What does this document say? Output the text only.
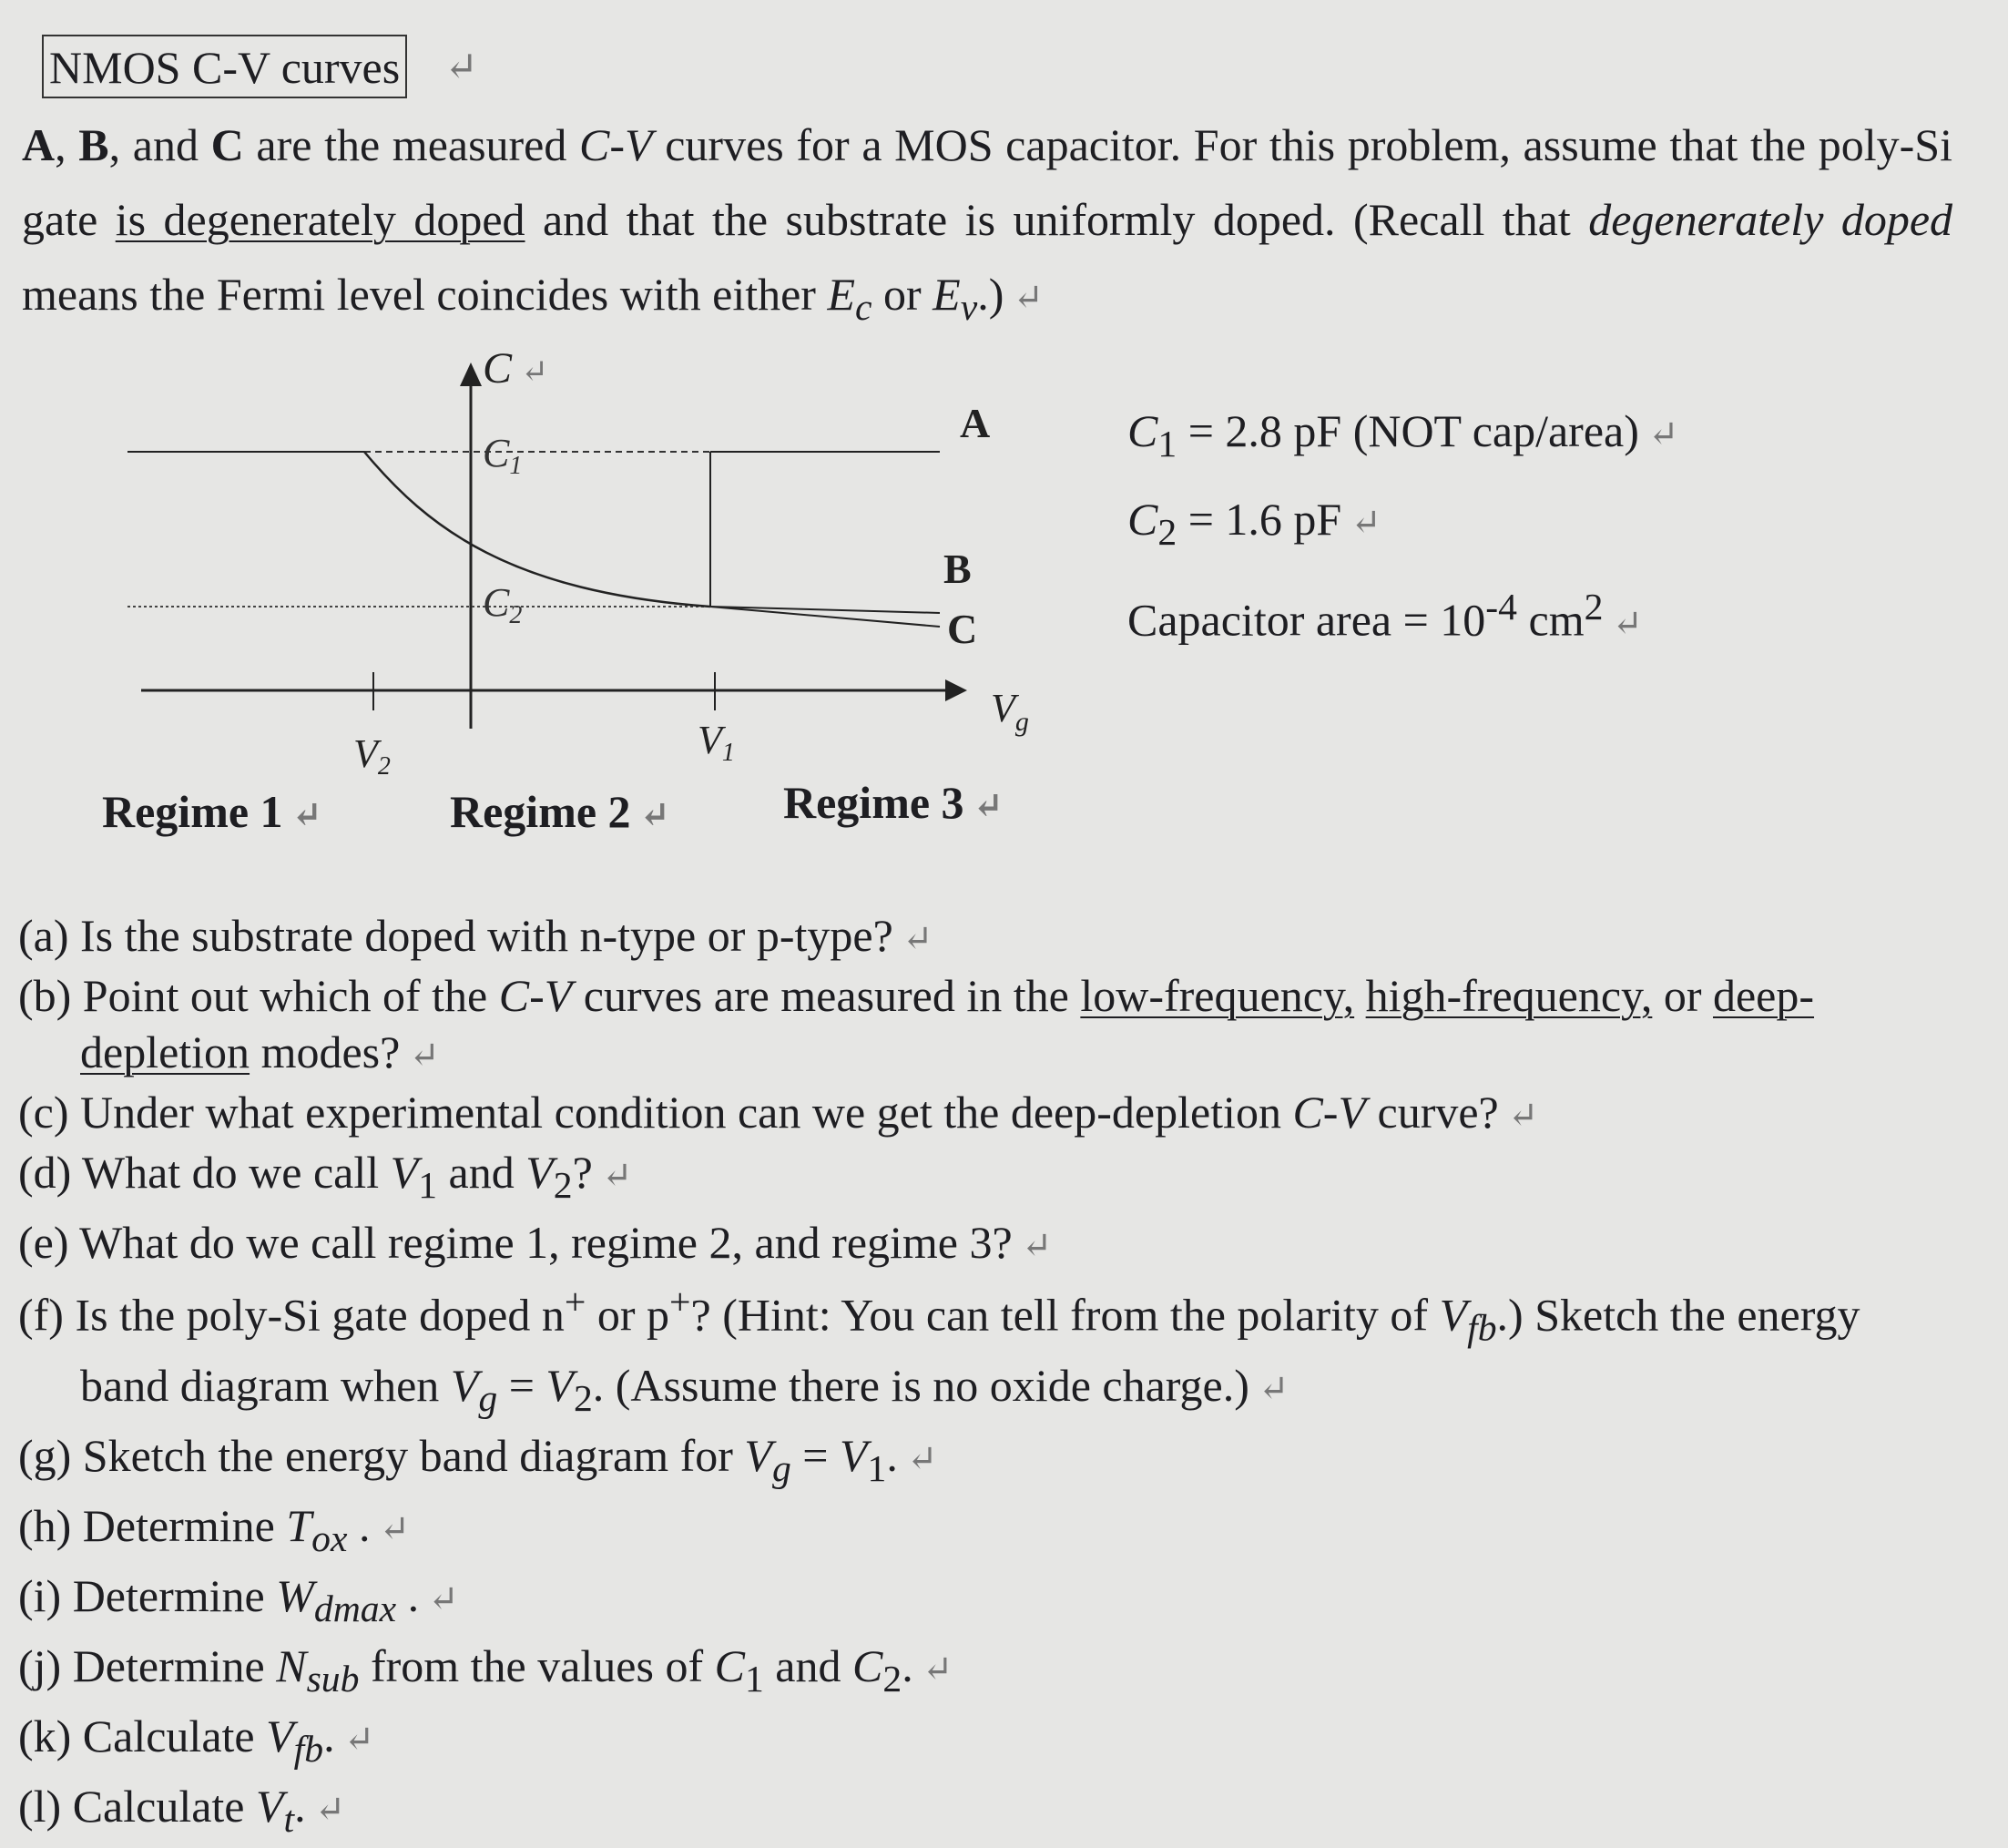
NMOS C-V curves ↵
A, B, and C are the measured C-V curves for a MOS capacitor. For this problem, assume that the poly-Si gate is degenerately doped and that the substrate is uniformly doped. (Recall that degenerately doped means the Fermi level coincides with either $E_c$ or $E_v$.) ↵
C ↵
$V_g$
C1
C2
A
B
C
V2
V1
$C_1 = 2.8$ pF (NOT cap/area) ↵
$C_2 = 1.6$ pF ↵
Capacitor area = $10^{-4}$ $cm^2$ ↵
Regime 1 ↵	Regime 2 ↵ Regime 3 ↵
(a) Is the substrate doped with n-type or p-type? ↵
(b) Point out which of the C-V curves are measured in the low-frequency, high-frequency, or deep-
depletion modes? ↵
(c) Under what experimental condition can we get the deep-depletion C-V curve? ↵
(d) What do we call $V_1$ and $V_2$? ↵
(e) What do we call regime 1, regime 2, and regime 3? ↵
(f) Is the poly-Si gate doped n+ or p+? (Hint: You can tell from the polarity of $V_{fb}$.) Sketch the energy
band diagram when $V_g = V_2$. (Assume there is no oxide charge.) ↵
(g) Sketch the energy band diagram for $V_g = V_1$. ↵
(h) Determine $T_{ox}$ . ↵
(i) Determine $W_{dmax}$ . ↵
(j) Determine $N_{sub}$ from the values of $C_1$ and $C_2$. ↵
(k) Calculate $V_{fb}$. ↵
(l) Calculate $V_t$. ↵
